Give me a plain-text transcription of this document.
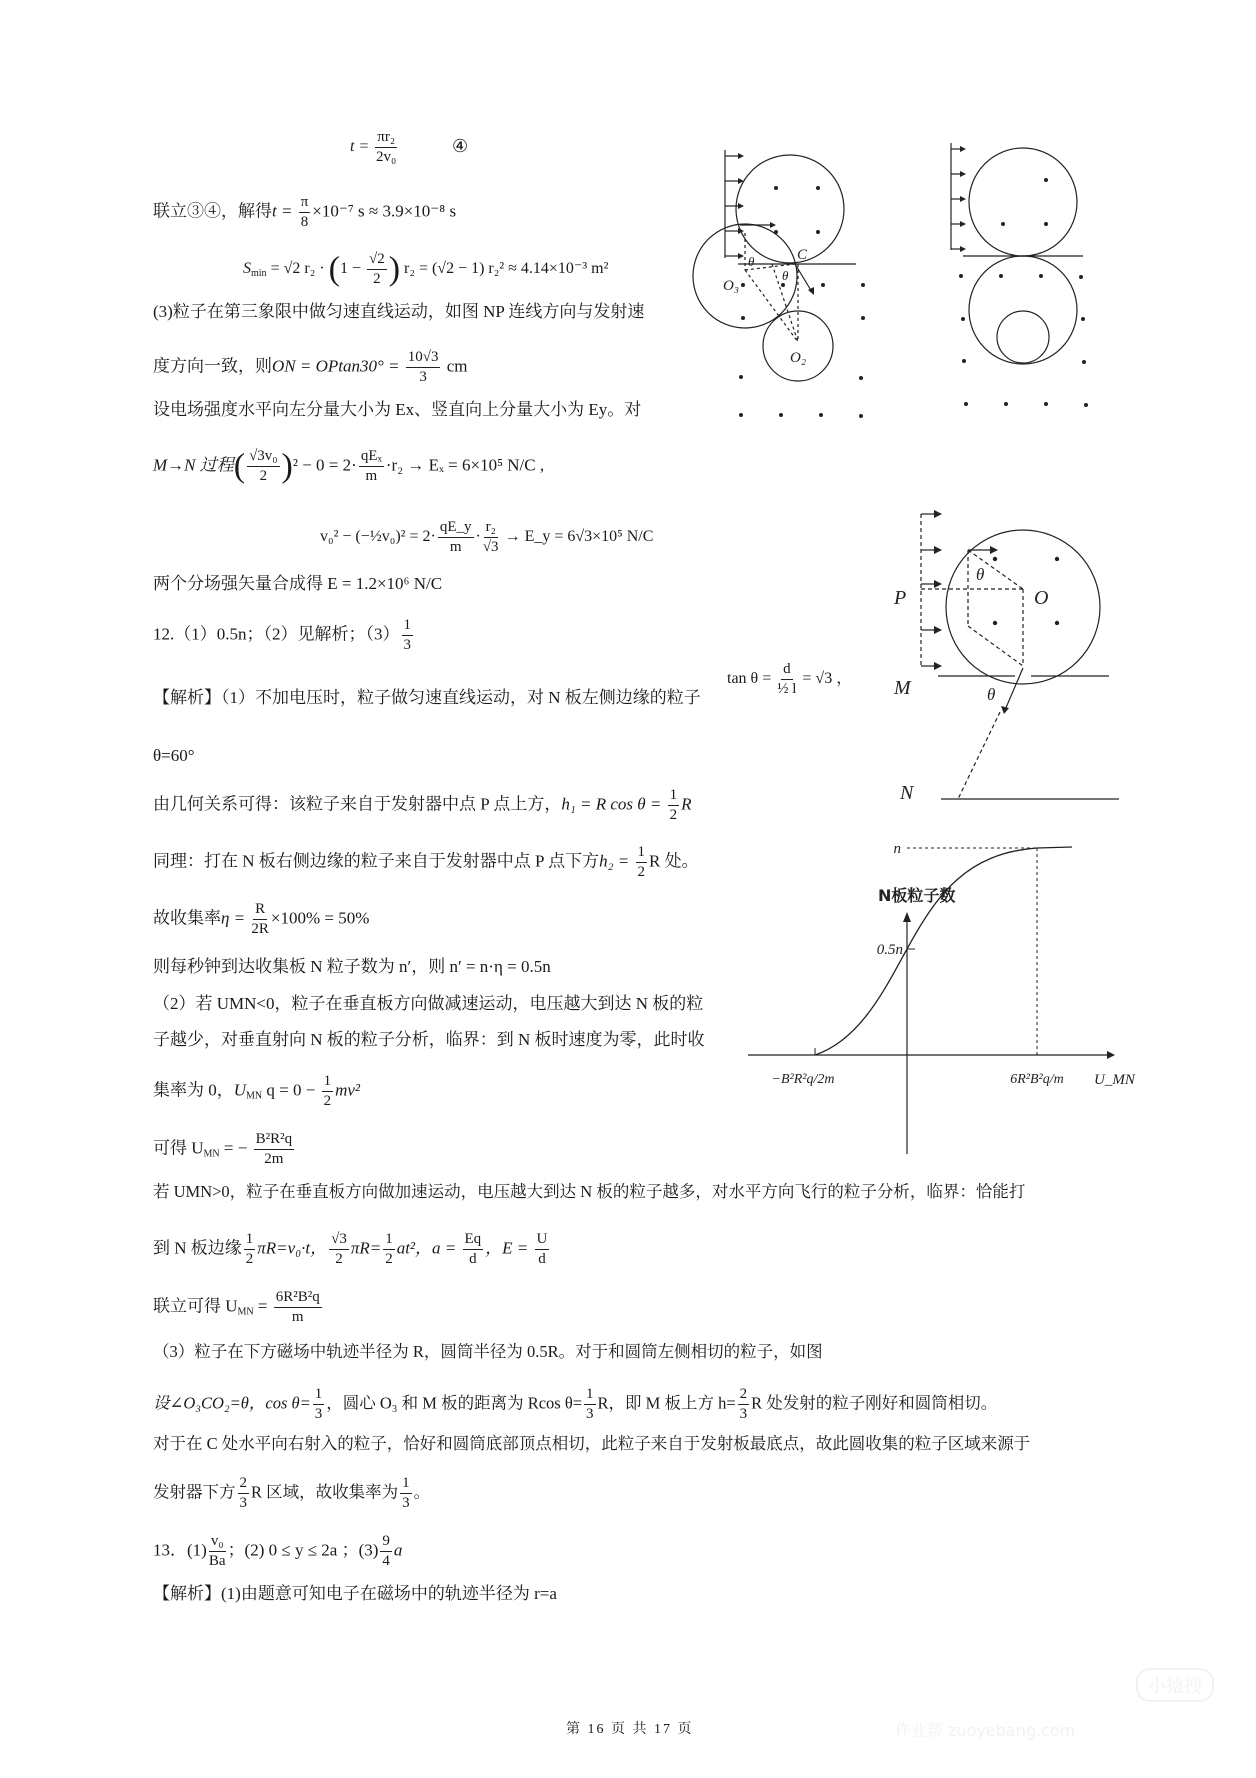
$t = \frac{\text{πr₂}}{\text{2v₀}}$	④
联立③④，解得$t = \frac{\pi}{8} \times 10^{-7}$ s ≈ 3.9×10⁻⁸ s
$S_{min} = √2$ $r_2 \cdot (1 - \frac{√2}{2}$ ) r₂ = (√2 − 1) r₂² ≈ 4.14×10⁻³ m²
(3)粒子在第三象限中做匀速直线运动，如图 NP 连线方向与发射速
度方向一致，则ON = $OPtan30^\circ = \frac{10√3}{3}$ cm
设电场强度水平向左分量大小为 Ex、竖直向上分量大小为 Ey。对
M→N 过程( $\frac{\text{√3v₀}}{2} )^2 - 0 = 2\cdot \frac{\text{qEₓ}}{m} \cdot r_2 \to E_x = 6\times 10^5$ N/C ,
v₀² − (−½v₀)² = $2\cdot \frac{qE\_y}{m} \cdot \frac{\text{r₂}}{√3}$ → E_y = 6√3×10⁵ N/C
两个分场强矢量合成得 E = 1.2×10⁶ N/C
12.（1）0.5n；（2）见解析；$(3) \frac{1}{3}$
【解析】（1）不加电压时，粒子做匀速直线运动，对 N 板左侧边缘的粒子
$\tan \theta = \frac{d}{\text{½ l}} = √3$ ，
θ=60°
由几何关系可得：该粒子来自于发射器中点 P 点上方，h₁ = R $\cos \theta = \frac{1}{2}$ R
同理：打在 N 板右侧边缘的粒子来自于发射器中点 P 点下方$h_2 = \frac{1}{2}$ R 处。
故收集率$\eta = \frac{R}{2R} \times 100\% = 50\%$
则每秒钟到达收集板 N 粒子数为 n′，则 n′ = n·η = 0.5n
（2）若 UMN<0，粒子在垂直板方向做减速运动，电压越大到达 N 板的粒
子越少，对垂直射向 N 板的粒子分析，临界：到 N 板时速度为零，此时收
集率为 0，$U_{MN}$ $q = 0 - \frac{1}{2} mv^2$
可得 $U_{MN}$ = − $\frac{\text{B²R²q}}{2m}$
若 UMN>0，粒子在垂直板方向做加速运动，电压越大到达 N 板的粒子越多，对水平方向飞行的粒子分析，临界：恰能打
到 N 板边缘 $\frac{1}{2} \pi R=v_0\cdot t$， $\frac{√3}{2} \pi R= \frac{1}{2} at^2$，$a = \frac{Eq}{d}$ ，$E = \frac{U}{d}$
联立可得 $U_{MN} = \frac{\text{6R²B²q}}{m}$
（3）粒子在下方磁场中轨迹半径为 R，圆筒半径为 0.5R。对于和圆筒左侧相切的粒子，如图
设∠O₃CO₂=θ，$\cos \theta= \frac{1}{3}$ ，圆心 O₃ 和 M 板的距离为 Rcos $\theta= \frac{1}{3}$ R，即 M 板上方 $h= \frac{2}{3}$ R 处发射的粒子刚好和圆筒相切。
对于在 C 处水平向右射入的粒子，恰好和圆筒底部顶点相切，此粒子来自于发射板最底点，故此圆收集的粒子区域来源于
发射器下方 $\frac{2}{3}$ R 区域，故收集率为 $\frac{1}{3}$ 。
13．$(1) \frac{\text{v₀}}{Ba}$ ；(2) 0 ≤ y ≤ 2a ；$(3) \frac{9}{4}$ a
【解析】(1)由题意可知电子在磁场中的轨迹半径为 r=a
C
θ
θ
O₃
O₂
P	O
M
N
θ
θ
N板粒子数
n
0.5n
−B²R²q/2m	6R²B²q/m U_MN
第 16 页 共 17 页
小猿搜
作业帮 zuoyebang.com
